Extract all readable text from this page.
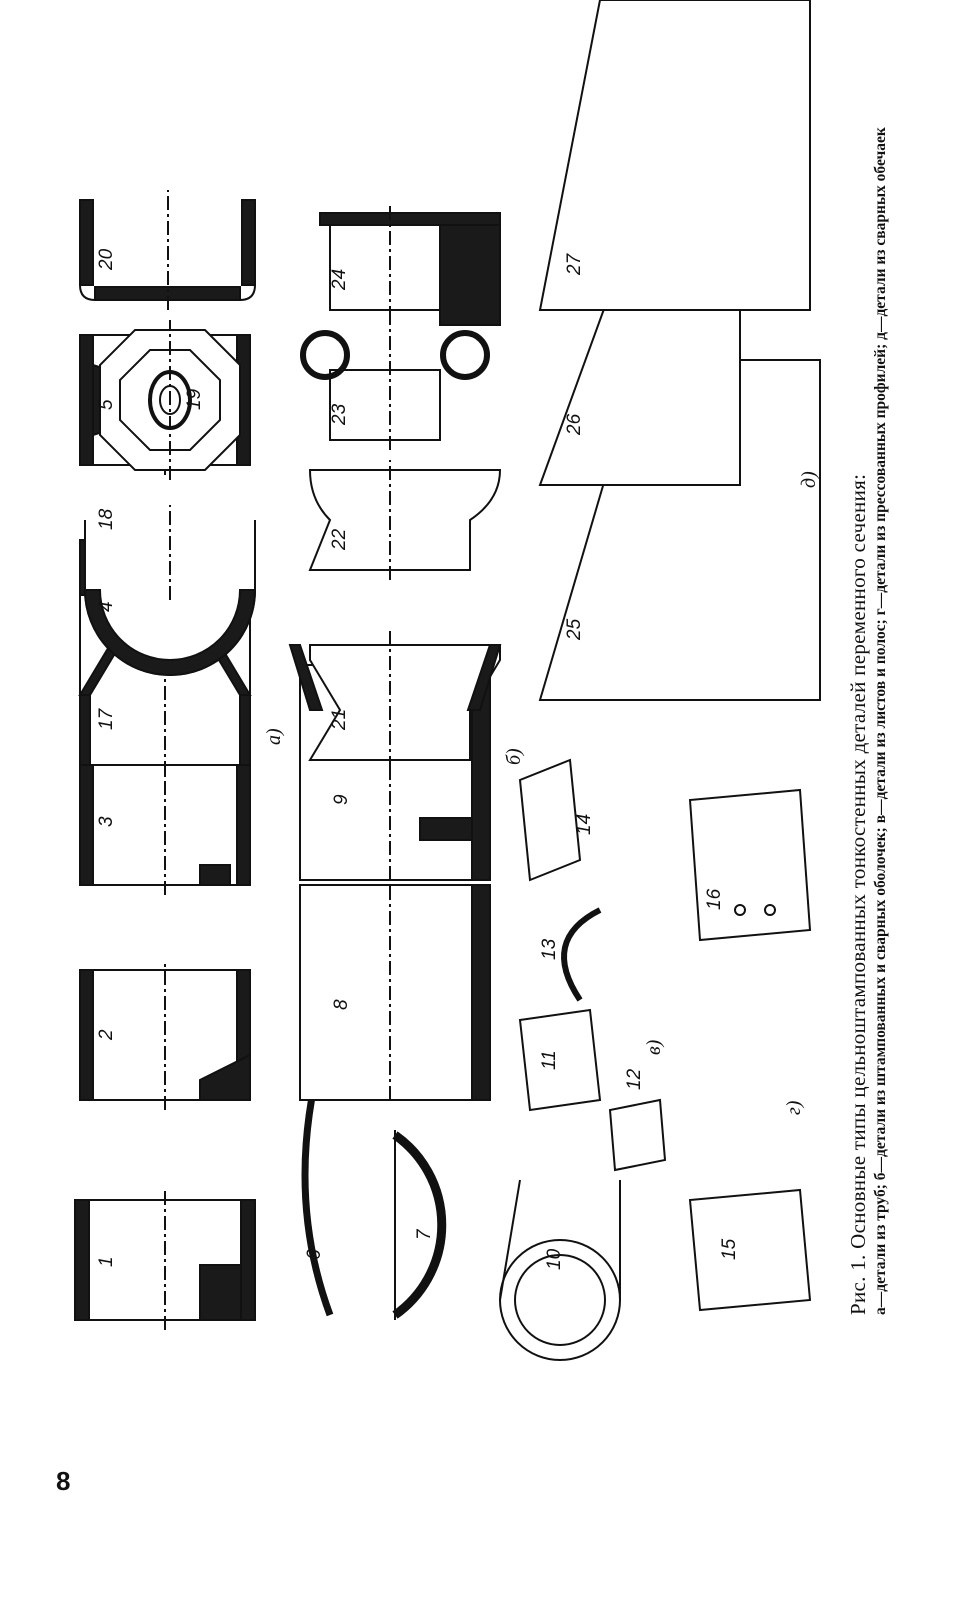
1
2
3
4
5
6
7
8
9
10
11
12
13
14
15
16
17
18
19
20
21
22
23
24
25
26
27
а)
б)
в)
г)
д) Рис. 1. Основные типы цельноштампованных тонкостенных деталей переменного сечения: а—детали из труб; б—детали из штампованных и сварных оболочек; в—детали из листов и полос; г—детали из прессованных профилей; д—детали из сварных обечаек
8
